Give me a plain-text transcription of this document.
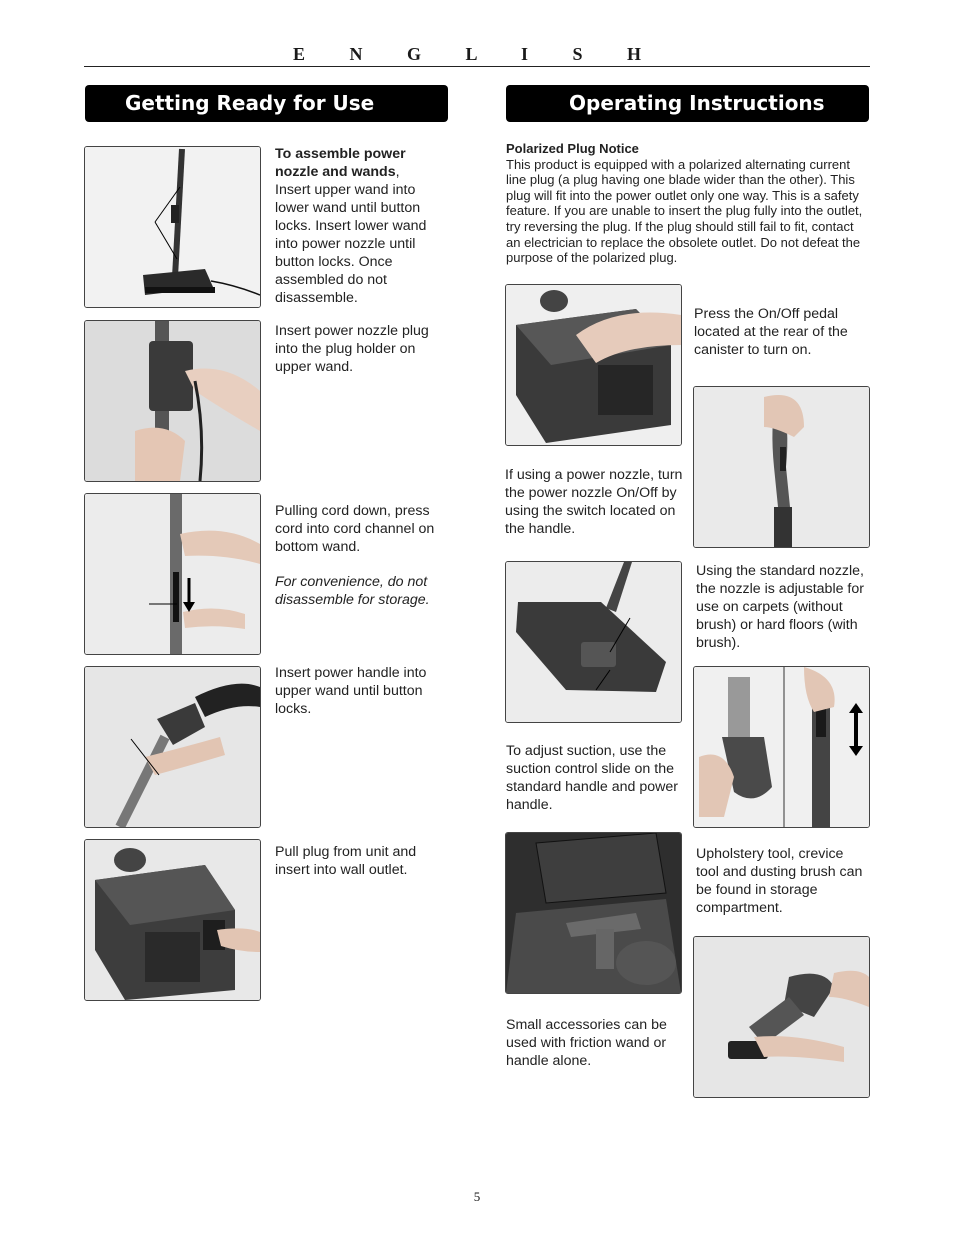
E N G L I S H
Getting Ready for Use
To assemble power nozzle and wands,
Insert upper wand into lower wand until button locks. Insert lower wand into power nozzle until button locks. Once assembled do not disassemble.
Insert power nozzle plug into the plug holder on upper wand.
Pulling cord down, press cord into cord channel on bottom wand.
For convenience, do not disassemble for storage.
Insert power handle into upper wand until button locks.
Pull plug from unit and insert into wall outlet.
Operating Instructions
Polarized Plug Notice
This product is equipped with a polarized alternating current line plug (a plug having one blade wider than the other). This plug will fit into the power outlet only one way. This is a safety feature. If you are unable to insert the plug fully into the outlet, try reversing the plug. If the plug should still fail to fit, contact an electrician to replace the obsolete outlet. Do not defeat the purpose of the polarized plug.
Press the On/Off pedal located at the rear of the canister to turn on.
If using a power nozzle, turn the power nozzle On/Off by using the switch located on the handle.
Using the standard nozzle, the nozzle is adjustable for use on carpets (without brush) or hard floors (with brush).
To adjust suction, use the suction control slide on the standard handle and power handle.
Upholstery tool, crevice tool and dusting brush can be found in storage compartment.
Small accessories can be used with friction wand or handle alone.
5
